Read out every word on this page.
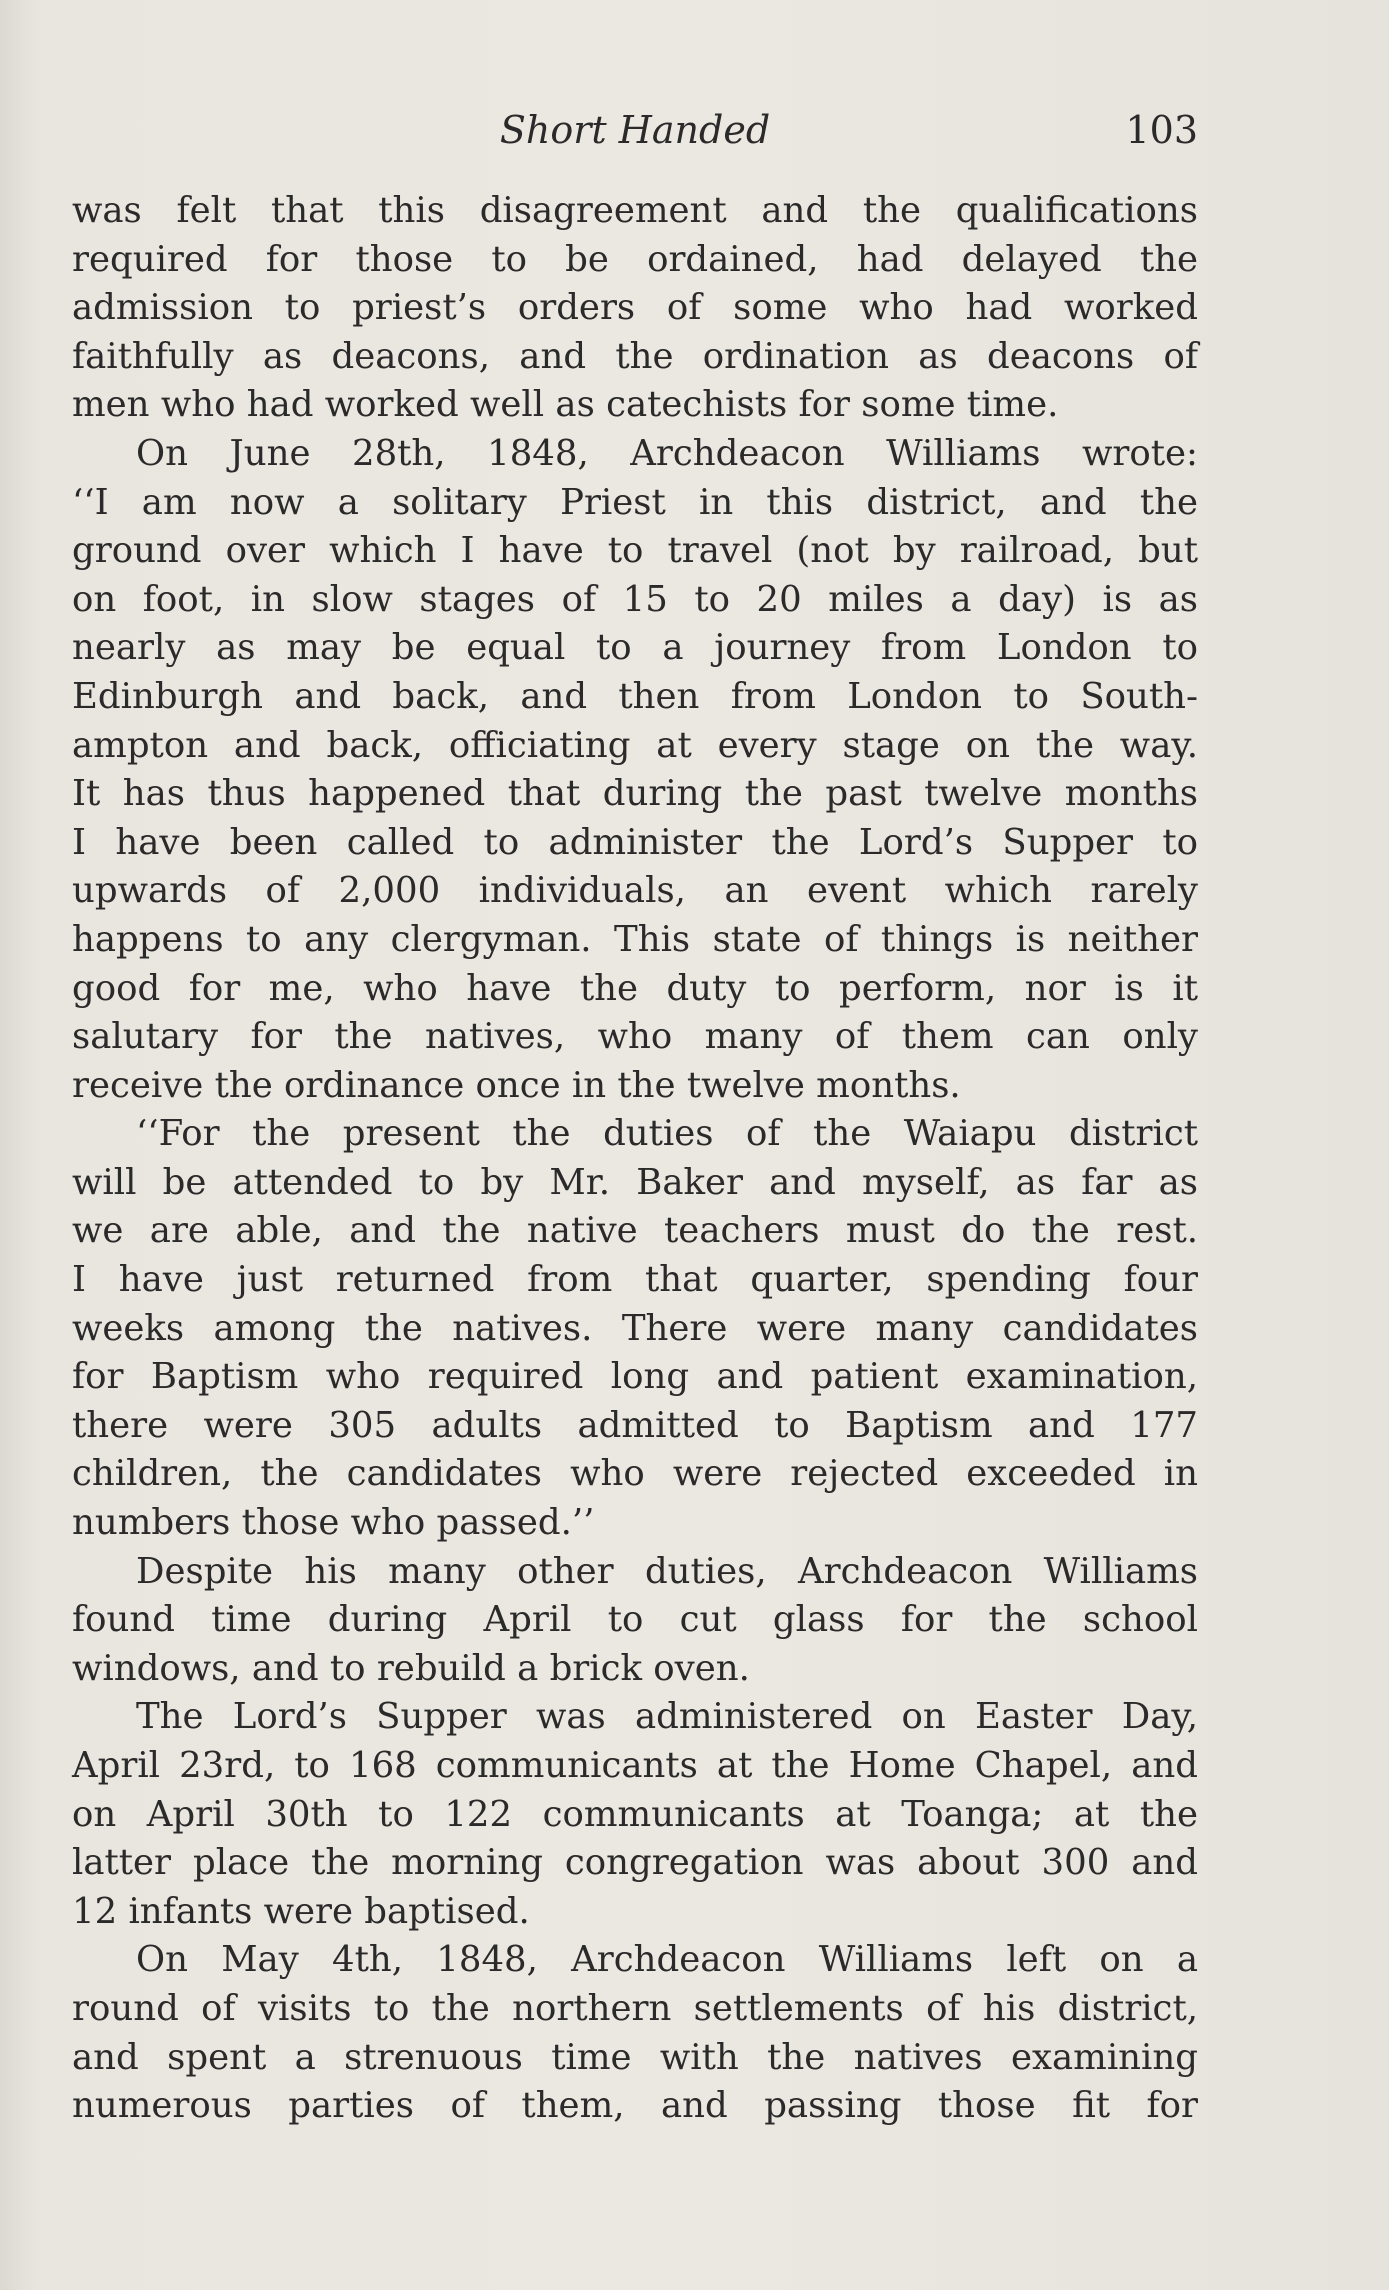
Short Handed	103
was felt that this disagreement and the qualifications
required for those to be ordained, had delayed the
admission to priest’s orders of some who had worked
faithfully as deacons, and the ordination as deacons of
men who had worked well as catechists for some time.
On June 28th, 1848, Archdeacon Williams wrote:
‘‘I am now a solitary Priest in this district, and the
ground over which I have to travel (not by railroad, but
on foot, in slow stages of 15 to 20 miles a day) is as
nearly as may be equal to a journey from London to
Edinburgh and back, and then from London to South-
ampton and back, officiating at every stage on the way.
It has thus happened that during the past twelve months
I have been called to administer the Lord’s Supper to
upwards of 2,000 individuals, an event which rarely
happens to any clergyman. This state of things is neither
good for me, who have the duty to perform, nor is it
salutary for the natives, who many of them can only
receive the ordinance once in the twelve months.
‘‘For the present the duties of the Waiapu district
will be attended to by Mr. Baker and myself, as far as
we are able, and the native teachers must do the rest.
I have just returned from that quarter, spending four
weeks among the natives. There were many candidates
for Baptism who required long and patient examination,
there were 305 adults admitted to Baptism and 177
children, the candidates who were rejected exceeded in
numbers those who passed.’’
Despite his many other duties, Archdeacon Williams
found time during April to cut glass for the school
windows, and to rebuild a brick oven.
The Lord’s Supper was administered on Easter Day,
April 23rd, to 168 communicants at the Home Chapel, and
on April 30th to 122 communicants at Toanga; at the
latter place the morning congregation was about 300 and
12 infants were baptised.
On May 4th, 1848, Archdeacon Williams left on a
round of visits to the northern settlements of his district,
and spent a strenuous time with the natives examining
numerous parties of them, and passing those fit for
